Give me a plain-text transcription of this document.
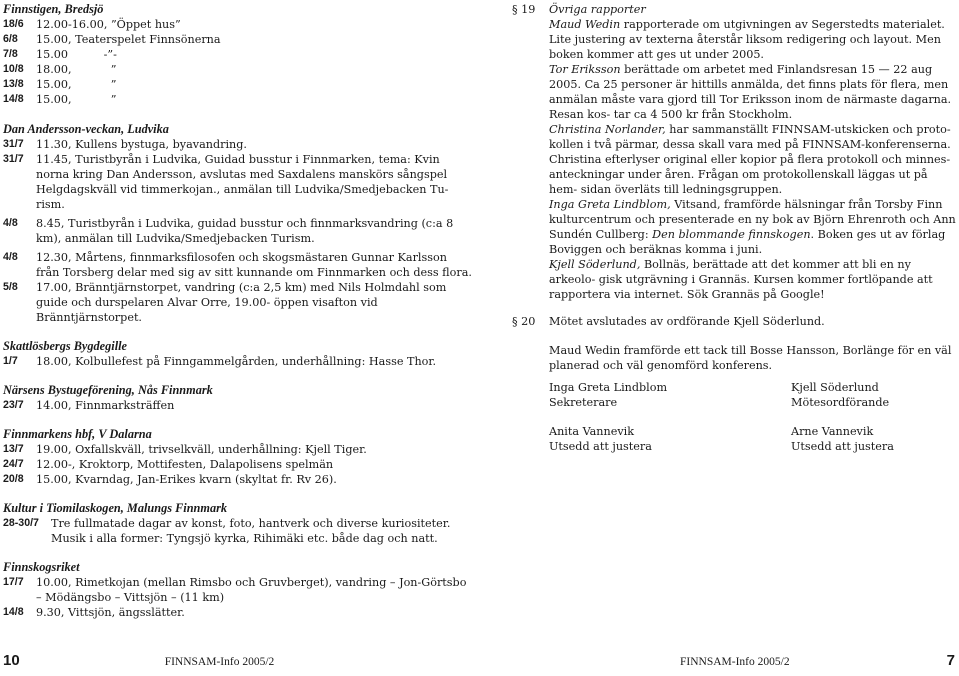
Finnstigen, Bredsjö
18/6	12.00-16.00, ”Öppet hus”
6/8	15.00, Teaterspelet Finnsönerna
7/8	15.00          -”-
10/8	18.00,           ”
13/8	15.00,           ”
14/8	15.00,           ”
Dan Andersson-veckan, Ludvika
31/7	11.30, Kullens bystuga, byavandring.
31/7	11.45, Turistbyrån i Ludvika, Guidad busstur i Finnmarken, tema: Kvin norna kring Dan Andersson, avslutas med Saxdalens manskörs sångspel Helgdagskväll vid timmerkojan., anmälan till Ludvika/Smedjebacken Tu- rism.
4/8	8.45, Turistbyrån i Ludvika, guidad busstur och finnmarksvandring (c:a 8 km), anmälan till Ludvika/Smedjebacken Turism.
4/8	12.30, Mårtens, finnmarksfilosofen och skogsmästaren Gunnar Karlsson från Torsberg delar med sig av sitt kunnande om Finnmarken och dess flora.
5/8	17.00, Bränntjärnstorpet, vandring (c:a 2,5 km) med Nils Holmdahl som guide och durspelaren Alvar Orre, 19.00- öppen visafton vid Bränntjärnstorpet.
Skattlösbergs Bygdegille
1/7	18.00, Kolbullefest på Finngammelgården, underhållning: Hasse Thor.
Närsens Bystugeförening, Nås Finnmark
23/7	14.00, Finnmarksträffen
Finnmarkens hbf, V Dalarna
13/7	19.00, Oxfallskväll, trivselkväll, underhållning: Kjell Tiger.
24/7	12.00-, Kroktorp, Mottifesten, Dalapolisens spelmän
20/8	15.00, Kvarndag, Jan-Erikes kvarn (skyltat fr. Rv 26).
Kultur i Tiomilaskogen, Malungs Finnmark
28-30/7	Tre fullmatade dagar av konst, foto, hantverk och diverse kuriositeter. Musik i alla former: Tyngsjö kyrka, Rihimäki etc. både dag och natt.
Finnskogsriket
17/7	10.00, Rimetkojan (mellan Rimsbo och Gruvberget), vandring – Jon-Görtsbo – Mödängsbo – Vittsjön – (11 km)
14/8	9.30, Vittsjön, ängsslätter.
§ 19	Övriga rapporter
Maud Wedin rapporterade om utgivningen av Segerstedts materialet. Lite justering av texterna återstår liksom redigering och layout. Men boken kommer att ges ut under 2005.
Tor Eriksson berättade om arbetet med Finlandsresan 15 — 22 aug 2005. Ca 25 personer är hittills anmälda, det finns plats för flera, men anmälan måste vara gjord till Tor Eriksson inom de närmaste dagarna. Resan kos- tar ca 4 500 kr från Stockholm.
Christina Norlander, har sammanställt FINNSAM-utskicken och proto- kollen i två pärmar, dessa skall vara med på FINNSAM-konferenserna. Christina efterlyser original eller kopior på flera protokoll och minnes- anteckningar under åren. Frågan om protokollenskall läggas ut på hem- sidan överläts till ledningsgruppen.
Inga Greta Lindblom, Vitsand, framförde hälsningar från Torsby Finn kulturcentrum och presenterade en ny bok av Björn Ehrenroth och Ann Sundén Cullberg: Den blommande finnskogen. Boken ges ut av förlag Boviggen och beräknas komma i juni.
Kjell Söderlund, Bollnäs, berättade att det kommer att bli en ny arkeolo- gisk utgrävning i Grannäs. Kursen kommer fortlöpande att rapportera via internet. Sök Grannäs på Google!
§ 20	Mötet avslutades av ordförande Kjell Söderlund.
Maud Wedin framförde ett tack till Bosse Hansson, Borlänge för en väl planerad och väl genomförd konferens.
Inga Greta Lindblom
Sekreterare
Kjell Söderlund
Mötesordförande
Anita Vannevik
Utsedd att justera
Arne Vannevik
Utsedd att justera
10	FINNSAM-Info 2005/2	FINNSAM-Info 2005/2	7
